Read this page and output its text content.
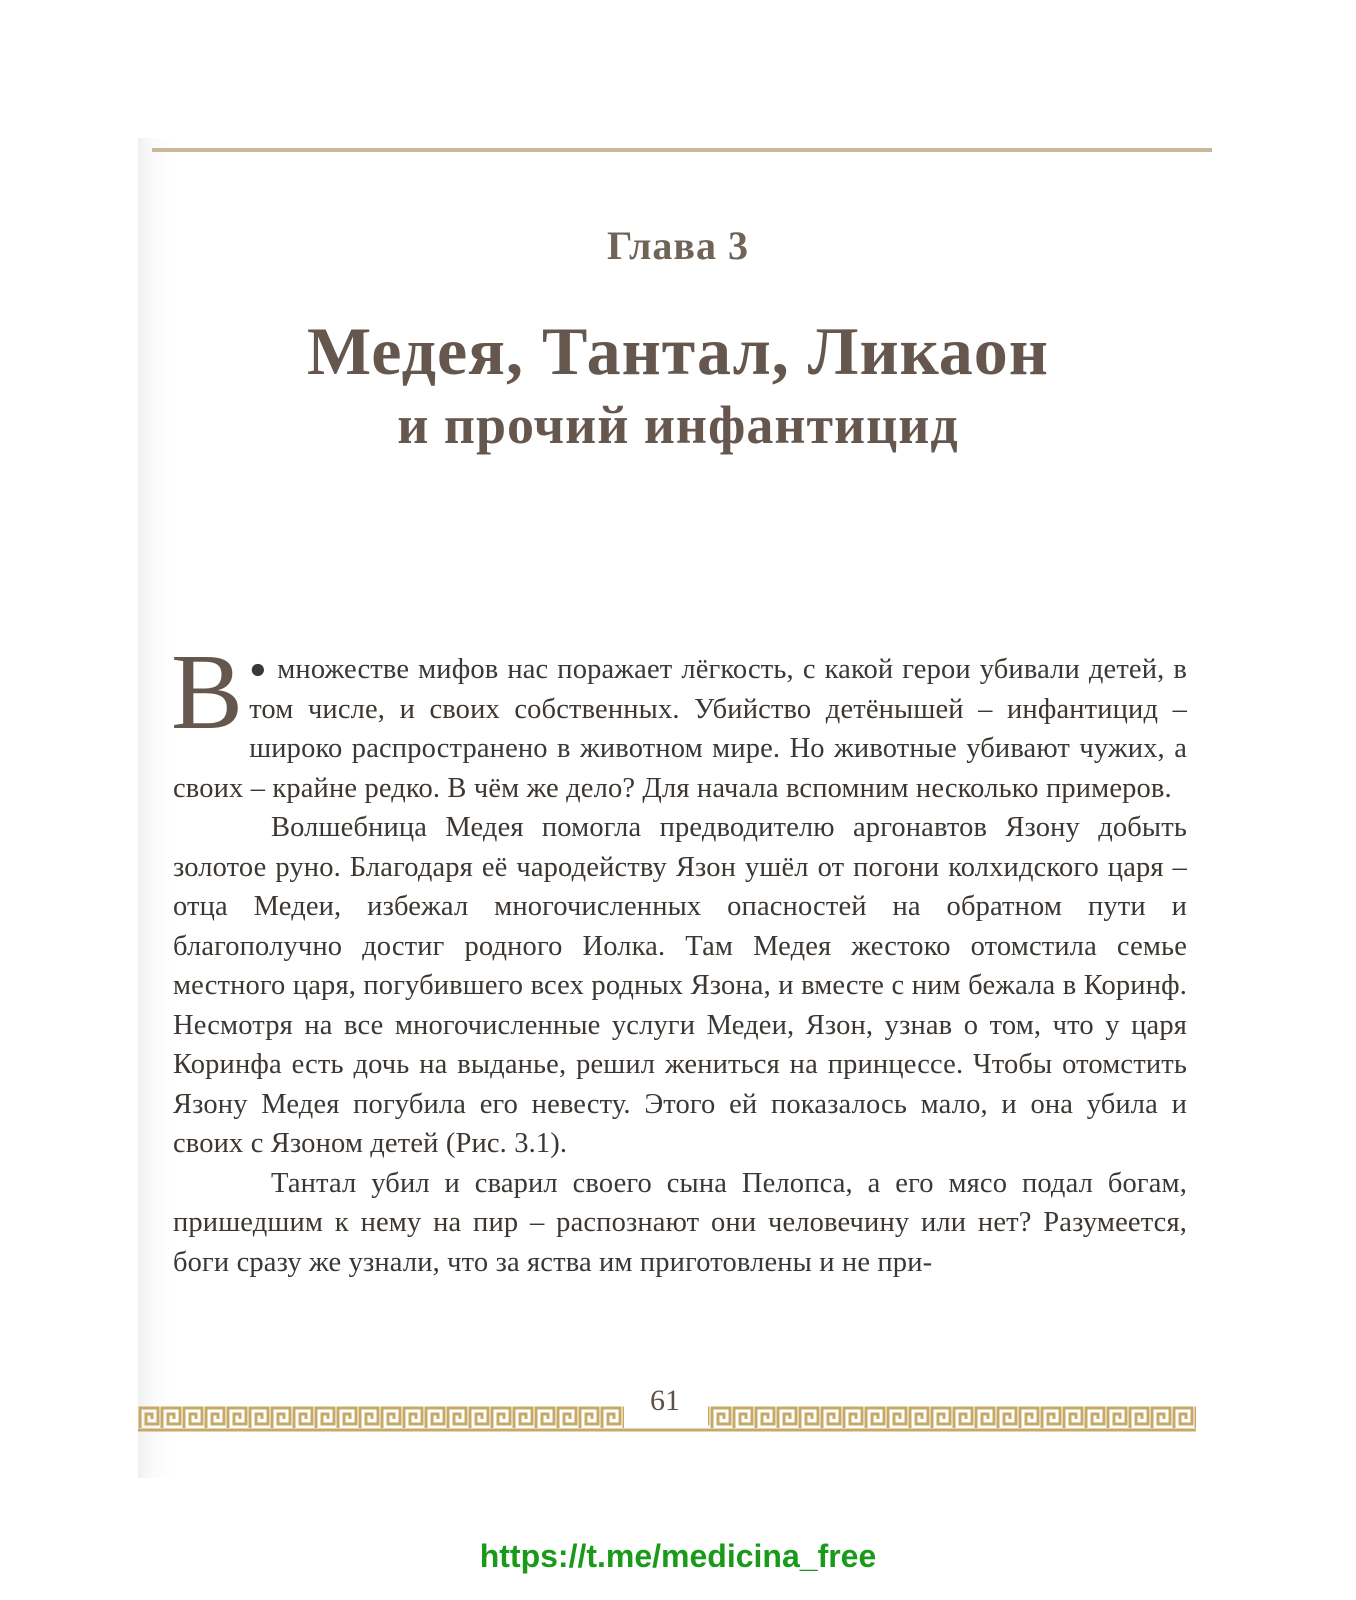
Глава 3
Медея, Тантал, Ликаон
и прочий инфантицид

В ● множестве мифов нас поражает лёгкость, с какой герои убивали детей, в том числе, и своих собственных. Убийство детёнышей – инфантицид – широко распространено в животном мире. Но животные убивают чужих, а своих – крайне редко. В чём же дело? Для начала вспомним несколько примеров.

Волшебница Медея помогла предводителю аргонавтов Язону добыть золотое руно. Благодаря её чародейству Язон ушёл от погони колхидского царя – отца Медеи, избежал многочисленных опасностей на обратном пути и благополучно достиг родного Иолка. Там Медея жестоко отомстила семье местного царя, погубившего всех родных Язона, и вместе с ним бежала в Коринф. Несмотря на все многочисленные услуги Медеи, Язон, узнав о том, что у царя Коринфа есть дочь на выданье, решил жениться на принцессе. Чтобы отомстить Язону Медея погубила его невесту. Этого ей показалось мало, и она убила и своих с Язоном детей (Рис. 3.1).

Тантал убил и сварил своего сына Пелопса, а его мясо подал богам, пришедшим к нему на пир – распознают они человечину или нет? Разумеется, боги сразу же узнали, что за яства им приготовлены и не при-

61
https://t.me/medicina_free
